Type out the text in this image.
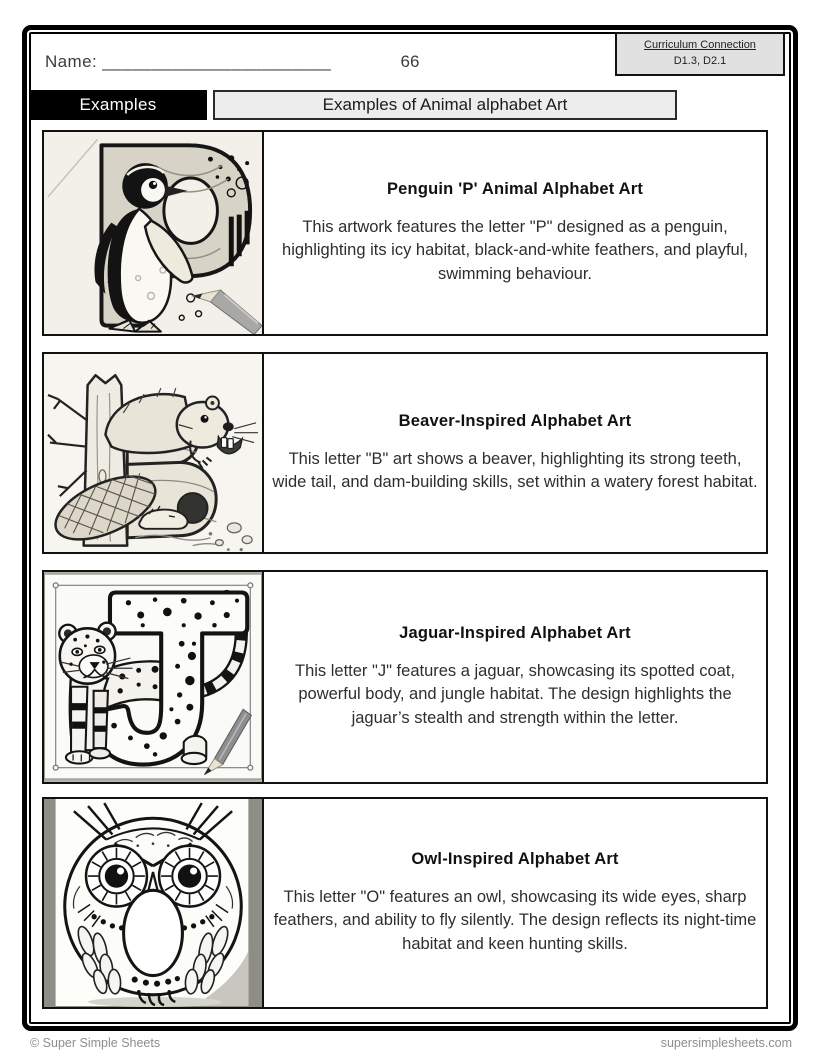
Name: _______________________	66
Curriculum Connection
D1.3, D2.1
Examples	Examples of Animal alphabet Art
Penguin 'P' Animal Alphabet Art

This artwork features the letter "P" designed as a penguin, highlighting its icy habitat, black-and-white feathers, and playful, swimming behaviour.

Beaver-Inspired Alphabet Art

This letter "B" art shows a beaver, highlighting its strong teeth, wide tail, and dam-building skills, set within a watery forest habitat.

Jaguar-Inspired Alphabet Art

This letter "J" features a jaguar, showcasing its spotted coat, powerful body, and jungle habitat. The design highlights the jaguar’s stealth and strength within the letter.

Owl-Inspired Alphabet Art

This letter "O" features an owl, showcasing its wide eyes, sharp feathers, and ability to fly silently. The design reflects its night-time habitat and keen hunting skills.

© Super Simple Sheets	supersimplesheets.com
